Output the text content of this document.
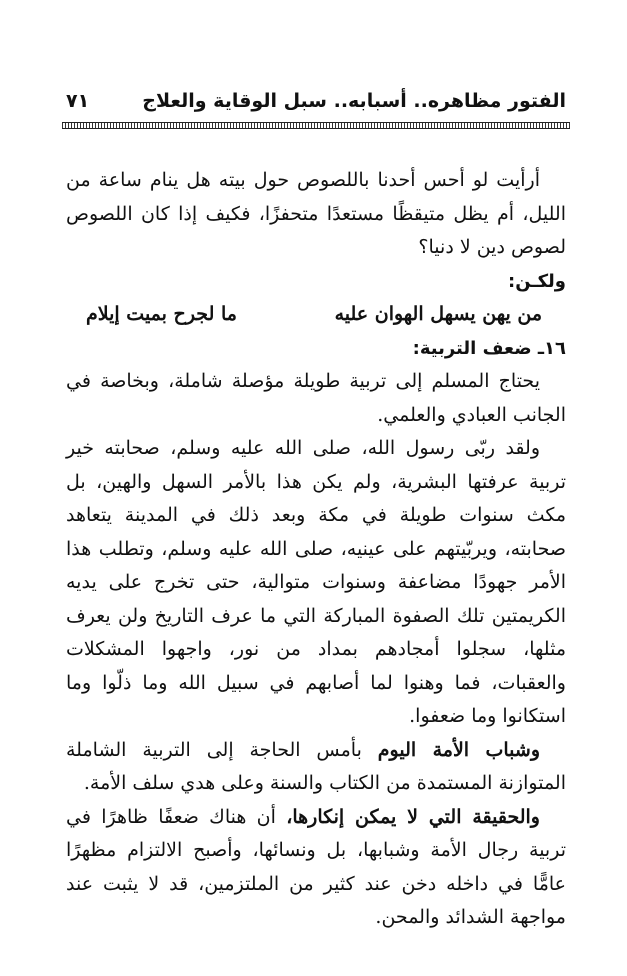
الفتور مظاهره.. أسبابه.. سبل الوقاية والعلاج
٧١

أرأيت لو أحس أحدنا باللصوص حول بيته هل ينام ساعة من الليل، أم يظل متيقظًا مستعدًا متحفزًا، فكيف إذا كان اللصوص لصوص دين لا دنيا؟

ولكـن:

من يهن يسهل الهوان عليه
ما لجرح بميت إيلام

١٦ـ ضعف التربية:

يحتاج المسلم إلى تربية طويلة مؤصلة شاملة، وبخاصة في الجانب العبادي والعلمي.

ولقد ربّى رسول الله، صلى الله عليه وسلم، صحابته خير تربية عرفتها البشرية، ولم يكن هذا بالأمر السهل والهين، بل مكث سنوات طويلة في مكة وبعد ذلك في المدينة يتعاهد صحابته، ويربّيتهم على عينيه، صلى الله عليه وسلم، وتطلب هذا الأمر جهودًا مضاعفة وسنوات متوالية، حتى تخرج على يديه الكريمتين تلك الصفوة المباركة التي ما عرف التاريخ ولن يعرف مثلها، سجلوا أمجادهم بمداد من نور، واجهوا المشكلات والعقبات، فما وهنوا لما أصابهم في سبيل الله وما ذلّوا وما استكانوا وما ضعفوا.

وشباب الأمة اليوم بأمس الحاجة إلى التربية الشاملة المتوازنة المستمدة من الكتاب والسنة وعلى هدي سلف الأمة.

والحقيقة التي لا يمكن إنكارها، أن هناك ضعفًا ظاهرًا في تربية رجال الأمة وشبابها، بل ونسائها، وأصبح الالتزام مظهرًا عامًّا في داخله دخن عند كثير من الملتزمين، قد لا يثبت عند مواجهة الشدائد والمحن.
